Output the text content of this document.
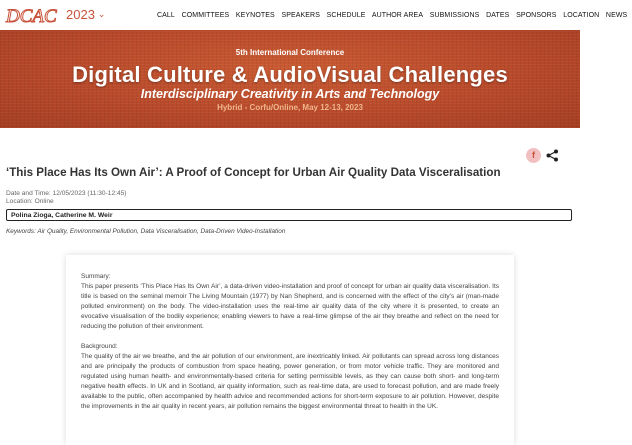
DCAC 2023 ⌄	CALL COMMITTEES KEYNOTES SPEAKERS SCHEDULE AUTHOR AREA SUBMISSIONS DATES SPONSORS LOCATION NEWS
5th International Conference
Digital Culture & AudioVisual Challenges
Interdisciplinary Creativity in Arts and Technology
Hybrid - Corfu/Online, May 12-13, 2023
f
‘This Place Has Its Own Air’: A Proof of Concept for Urban Air Quality Data Visceralisation
Date and Time: 12/05/2023 (11:30-12:45)
Location: Online
Polina Zioga, Catherine M. Weir
Keywords: Air Quality, Environmental Pollution, Data Visceralisation, Data-Driven Video-Installation

Summary:

This paper presents ‘This Place Has Its Own Air’, a data-driven video-installation and proof of concept for urban air quality data visceralisation. Its title is based on the seminal memoir The Living Mountain (1977) by Nan Shepherd, and is concerned with the effect of the city’s air (man-made polluted environment) on the body. The video-installation uses the real-time air quality data of the city where it is presented, to create an evocative visualisation of the bodily experience; enabling viewers to have a real-time glimpse of the air they breathe and reflect on the need for reducing the pollution of their environment.

Background:

The quality of the air we breathe, and the air pollution of our environment, are inextricably linked. Air pollutants can spread across long distances and are principally the products of combustion from space heating, power generation, or from motor vehicle traffic. They are monitored and regulated using human health- and environmentally-based criteria for setting permissible levels, as they can cause both short- and long-term negative health effects. In UK and in Scotland, air quality information, such as real-time data, are used to forecast pollution, and are made freely available to the public, often accompanied by health advice and recommended actions for short-term exposure to air pollution. However, despite the improvements in the air quality in recent years, air pollution remains the biggest environmental threat to health in the UK.
